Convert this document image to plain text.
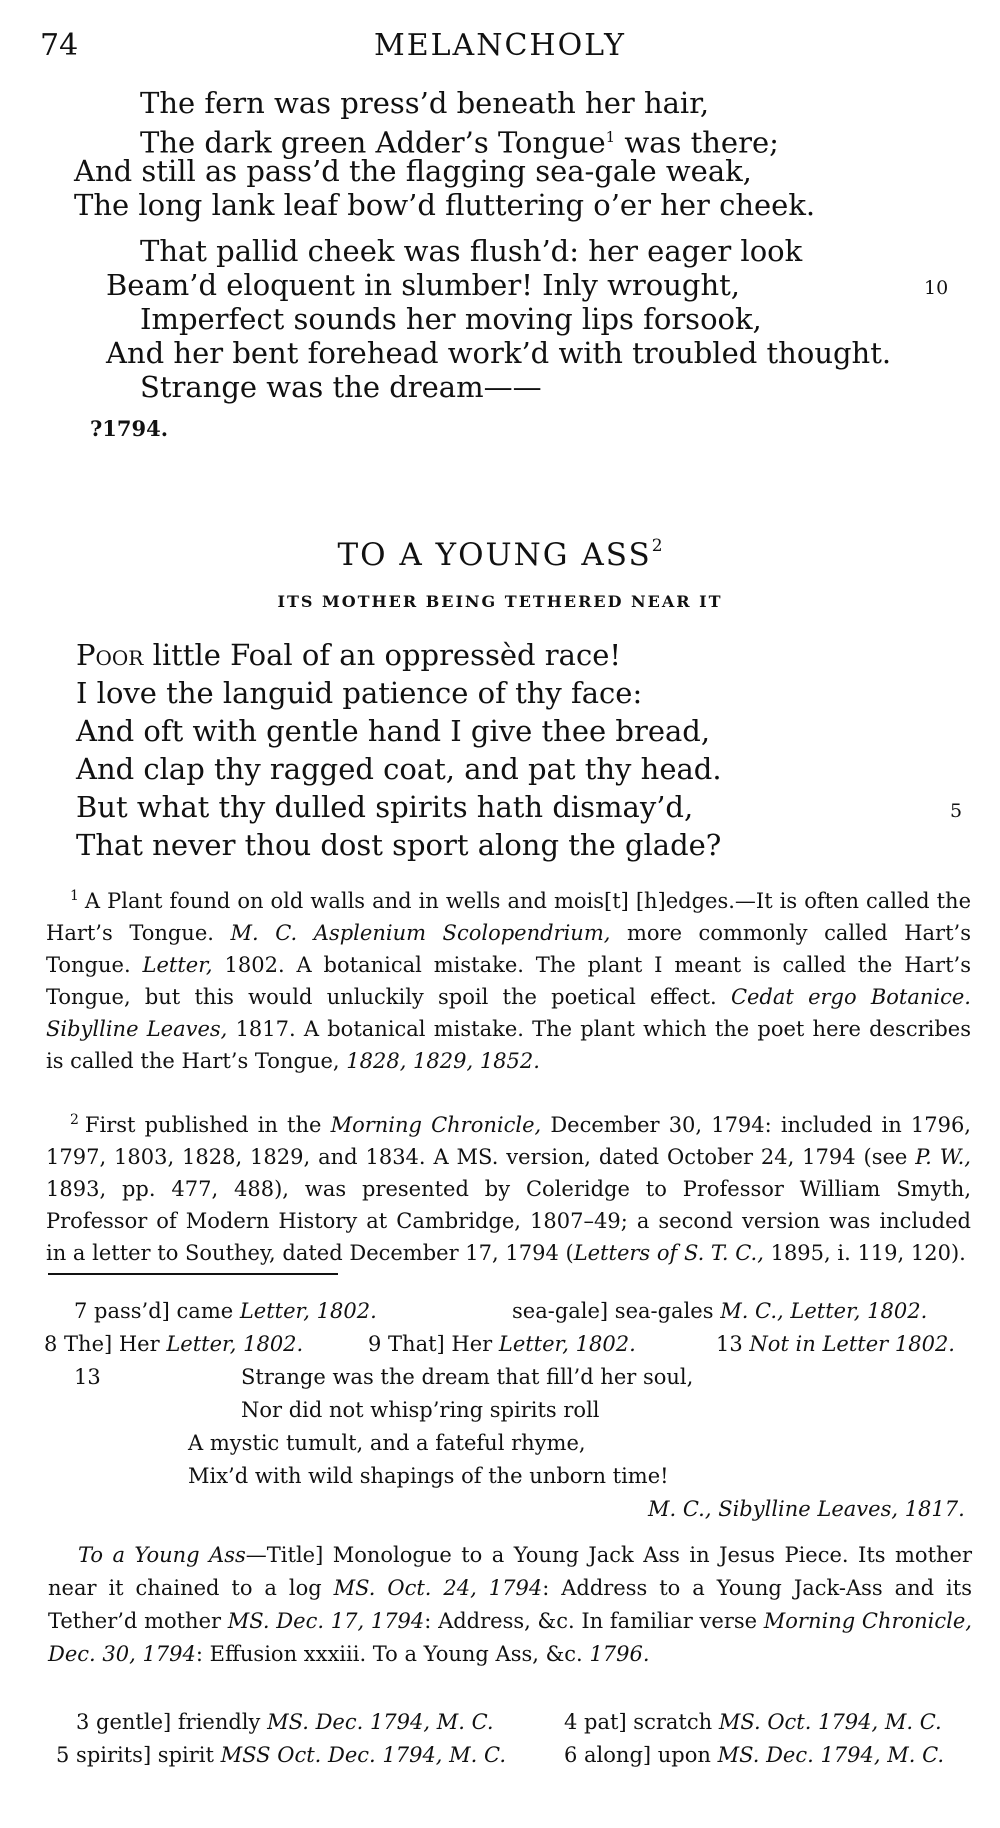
74	MELANCHOLY
The fern was press’d beneath her hair,
The dark green Adder’s Tongue$^1$ was there;
And still as pass’d the flagging sea-gale weak,
The long lank leaf bow’d fluttering o’er her cheek.
That pallid cheek was flush’d: her eager look
Beam’d eloquent in slumber! Inly wrought,	10
Imperfect sounds her moving lips forsook,
And her bent forehead work’d with troubled thought.
Strange was the dream——
?1794.
TO A YOUNG ASS$^2$
ITS MOTHER BEING TETHERED NEAR IT
Poor little Foal of an oppressèd race!
I love the languid patience of thy face:
And oft with gentle hand I give thee bread,
And clap thy ragged coat, and pat thy head.
But what thy dulled spirits hath dismay’d,	5
That never thou dost sport along the glade?
$^1$ A Plant found on old walls and in wells and mois[t] [h]edges.—It is often called the Hart’s Tongue. M. C. Asplenium Scolopendrium, more commonly called Hart’s Tongue. Letter, 1802. A botanical mistake. The plant I meant is called the Hart’s Tongue, but this would unluckily spoil the poetical effect. Cedat ergo Botanice. Sibylline Leaves, 1817. A botanical mistake. The plant which the poet here describes is called the Hart’s Tongue, 1828, 1829, 1852.
$^2$ First published in the Morning Chronicle, December 30, 1794: included in 1796, 1797, 1803, 1828, 1829, and 1834. A MS. version, dated October 24, 1794 (see P. W., 1893, pp. 477, 488), was presented by Coleridge to Professor William Smyth, Professor of Modern History at Cambridge, 1807–49; a second version was included in a letter to Southey, dated December 17, 1794 (Letters of S. T. C., 1895, i. 119, 120).
7 pass’d] came Letter, 1802.	sea-gale] sea-gales M. C., Letter, 1802.
8 The] Her Letter, 1802.	9 That] Her Letter, 1802.	13 Not in Letter 1802.
13	Strange was the dream that fill’d her soul,
Nor did not whisp’ring spirits roll
A mystic tumult, and a fateful rhyme,
Mix’d with wild shapings of the unborn time!
M. C., Sibylline Leaves, 1817.
To a Young Ass—Title] Monologue to a Young Jack Ass in Jesus Piece. Its mother near it chained to a log MS. Oct. 24, 1794: Address to a Young Jack-Ass and its Tether’d mother MS. Dec. 17, 1794: Address, &c. In familiar verse Morning Chronicle, Dec. 30, 1794: Effusion xxxiii. To a Young Ass, &c. 1796.
3 gentle] friendly MS. Dec. 1794, M. C.	4 pat] scratch MS. Oct. 1794, M. C.
5 spirits] spirit MSS Oct. Dec. 1794, M. C.	6 along] upon MS. Dec. 1794, M. C.
